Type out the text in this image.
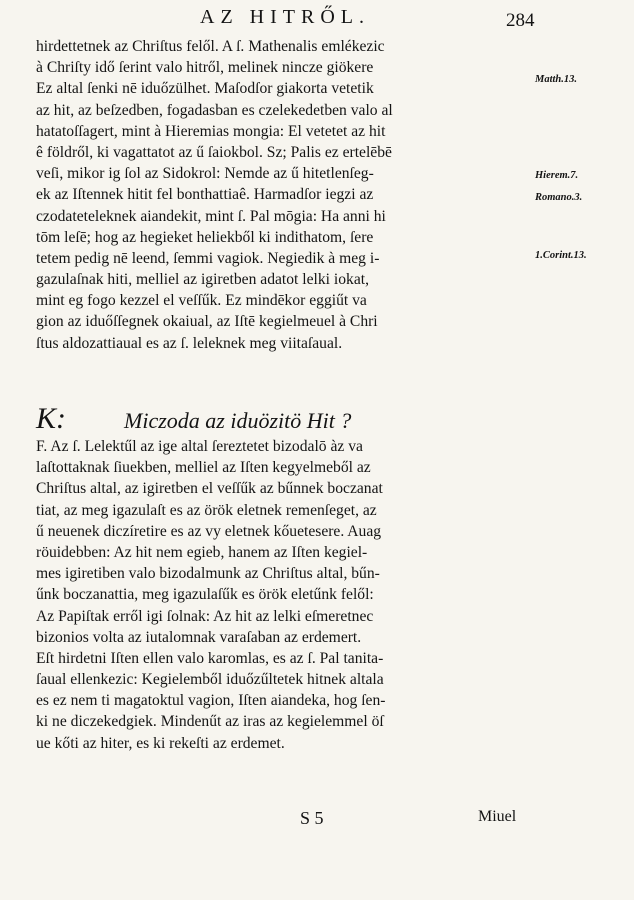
AZ HITRŐL.	284
hirdettetnek az Chriſtus felől. A ſ. Mathenalis emlékezic
à Chriſty idő ſerint valo hitről, melinek nincze giökere
Ez altal ſenki nē iduőzülhet. Maſodſor giakorta vetetik
az hit, az beſzedben, fogadasban es czelekedetben valo al
hatatoſſagert, mint à Hieremias mongia: El vetetet az hit
ê földről, ki vagattatot az ű ſaiokbol. Sz; Palis ez ertelēbē
veſi, mikor ig ſol az Sidokrol: Nemde az ű hitetlenſeg-
ek az Iſtennek hitit fel bonthattiaê. Harmadſor iegzi az
czodateteleknek aiandekit, mint ſ. Pal mōgia: Ha anni hi
tōm leſē; hog az hegieket heliekből ki indithatom, ſere
tetem pedig nē leend, ſemmi vagiok. Negiedik à meg i-
gazulaſnak hiti, melliel az igiretben adatot lelki iokat,
mint eg fogo kezzel el veſſűk. Ez mindēkor eggiűt va
gion az iduőſſegnek okaiual, az Iſtē kegielmeuel à Chri
ſtus aldozattiaual es az ſ. leleknek meg viitaſaual.
K:	Miczoda az iduözitö Hit ?
F. Az ſ. Lelektűl az ige altal ſereztetet bizodalō àz va
laſtottaknak ſiuekben, melliel az Iſten kegyelmeből az
Chriſtus altal, az igiretben el veſſűk az bűnnek boczanat
tiat, az meg igazulaſt es az örök eletnek remenſeget, az
ű neuenek diczíretire es az vy eletnek kőuetesere. Auag
röuidebben: Az hit nem egieb, hanem az Iſten kegiel-
mes igiretiben valo bizodalmunk az Chriſtus altal, bűn-
űnk boczanattia, meg igazulaſűk es örök eletűnk felől:
Az Papiſtak erről igi ſolnak: Az hit az lelki eſmeretnec
bizonios volta az iutalomnak varaſaban az erdemert.
Eſt hirdetni Iſten ellen valo karomlas, es az ſ. Pal tanita-
ſaual ellenkezic: Kegielemből iduőzűltetek hitnek altala
es ez nem ti magatoktul vagion, Iſten aiandeka, hog ſen-
ki ne diczekedgiek. Mindenűt az iras az kegielemmel öſ
ue kőti az hiter, es ki rekeſti az erdemet.
Matth.13.
Hierem.7.
Romano.3.
1.Corint.13.
S 5	Miuel
